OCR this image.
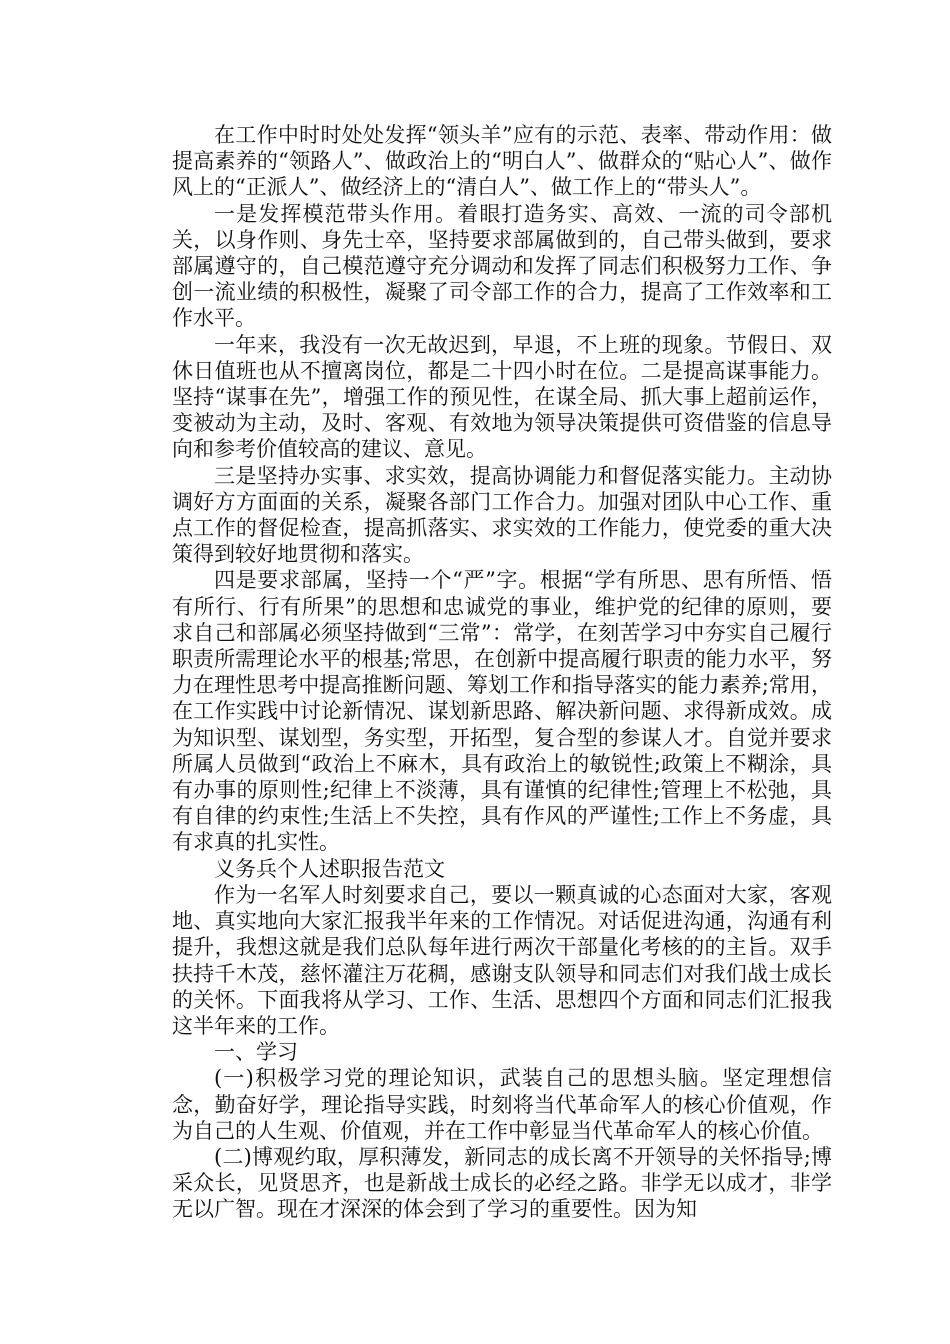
在工作中时时处处发挥“领头羊”应有的示范、表率、带动作用：做提高素养的“领路人”、做政治上的“明白人”、做群众的“贴心人”、做作风上的“正派人”、做经济上的“清白人”、做工作上的“带头人”。

一是发挥模范带头作用。着眼打造务实、高效、一流的司令部机关，以身作则、身先士卒，坚持要求部属做到的，自己带头做到，要求部属遵守的，自己模范遵守充分调动和发挥了同志们积极努力工作、争创一流业绩的积极性，凝聚了司令部工作的合力，提高了工作效率和工作水平。

一年来，我没有一次无故迟到，早退，不上班的现象。节假日、双休日值班也从不擅离岗位，都是二十四小时在位。二是提高谋事能力。坚持“谋事在先”，增强工作的预见性，在谋全局、抓大事上超前运作，变被动为主动，及时、客观、有效地为领导决策提供可资借鉴的信息导向和参考价值较高的建议、意见。

三是坚持办实事、求实效，提高协调能力和督促落实能力。主动协调好方方面面的关系，凝聚各部门工作合力。加强对团队中心工作、重点工作的督促检查，提高抓落实、求实效的工作能力，使党委的重大决策得到较好地贯彻和落实。

四是要求部属，坚持一个“严”字。根据“学有所思、思有所悟、悟有所行、行有所果”的思想和忠诚党的事业，维护党的纪律的原则，要求自己和部属必须坚持做到“三常”：常学，在刻苦学习中夯实自己履行职责所需理论水平的根基;常思，在创新中提高履行职责的能力水平，努力在理性思考中提高推断问题、筹划工作和指导落实的能力素养;常用，在工作实践中讨论新情况、谋划新思路、解决新问题、求得新成效。成为知识型、谋划型，务实型，开拓型，复合型的参谋人才。自觉并要求所属人员做到“政治上不麻木，具有政治上的敏锐性;政策上不糊涂，具有办事的原则性;纪律上不淡薄，具有谨慎的纪律性;管理上不松弛，具有自律的约束性;生活上不失控，具有作风的严谨性;工作上不务虚，具有求真的扎实性。

义务兵个人述职报告范文

作为一名军人时刻要求自己，要以一颗真诚的心态面对大家，客观地、真实地向大家汇报我半年来的工作情况。对话促进沟通，沟通有利提升，我想这就是我们总队每年进行两次干部量化考核的的主旨。双手扶持千木茂，慈怀灌注万花稠，感谢支队领导和同志们对我们战士成长的关怀。下面我将从学习、工作、生活、思想四个方面和同志们汇报我这半年来的工作。

一、学习

(一)积极学习党的理论知识，武装自己的思想头脑。坚定理想信念，勤奋好学，理论指导实践，时刻将当代革命军人的核心价值观，作为自己的人生观、价值观，并在工作中彰显当代革命军人的核心价值。

(二)博观约取，厚积薄发，新同志的成长离不开领导的关怀指导;博采众长，见贤思齐，也是新战士成长的必经之路。非学无以成才，非学无以广智。现在才深深的体会到了学习的重要性。因为知
